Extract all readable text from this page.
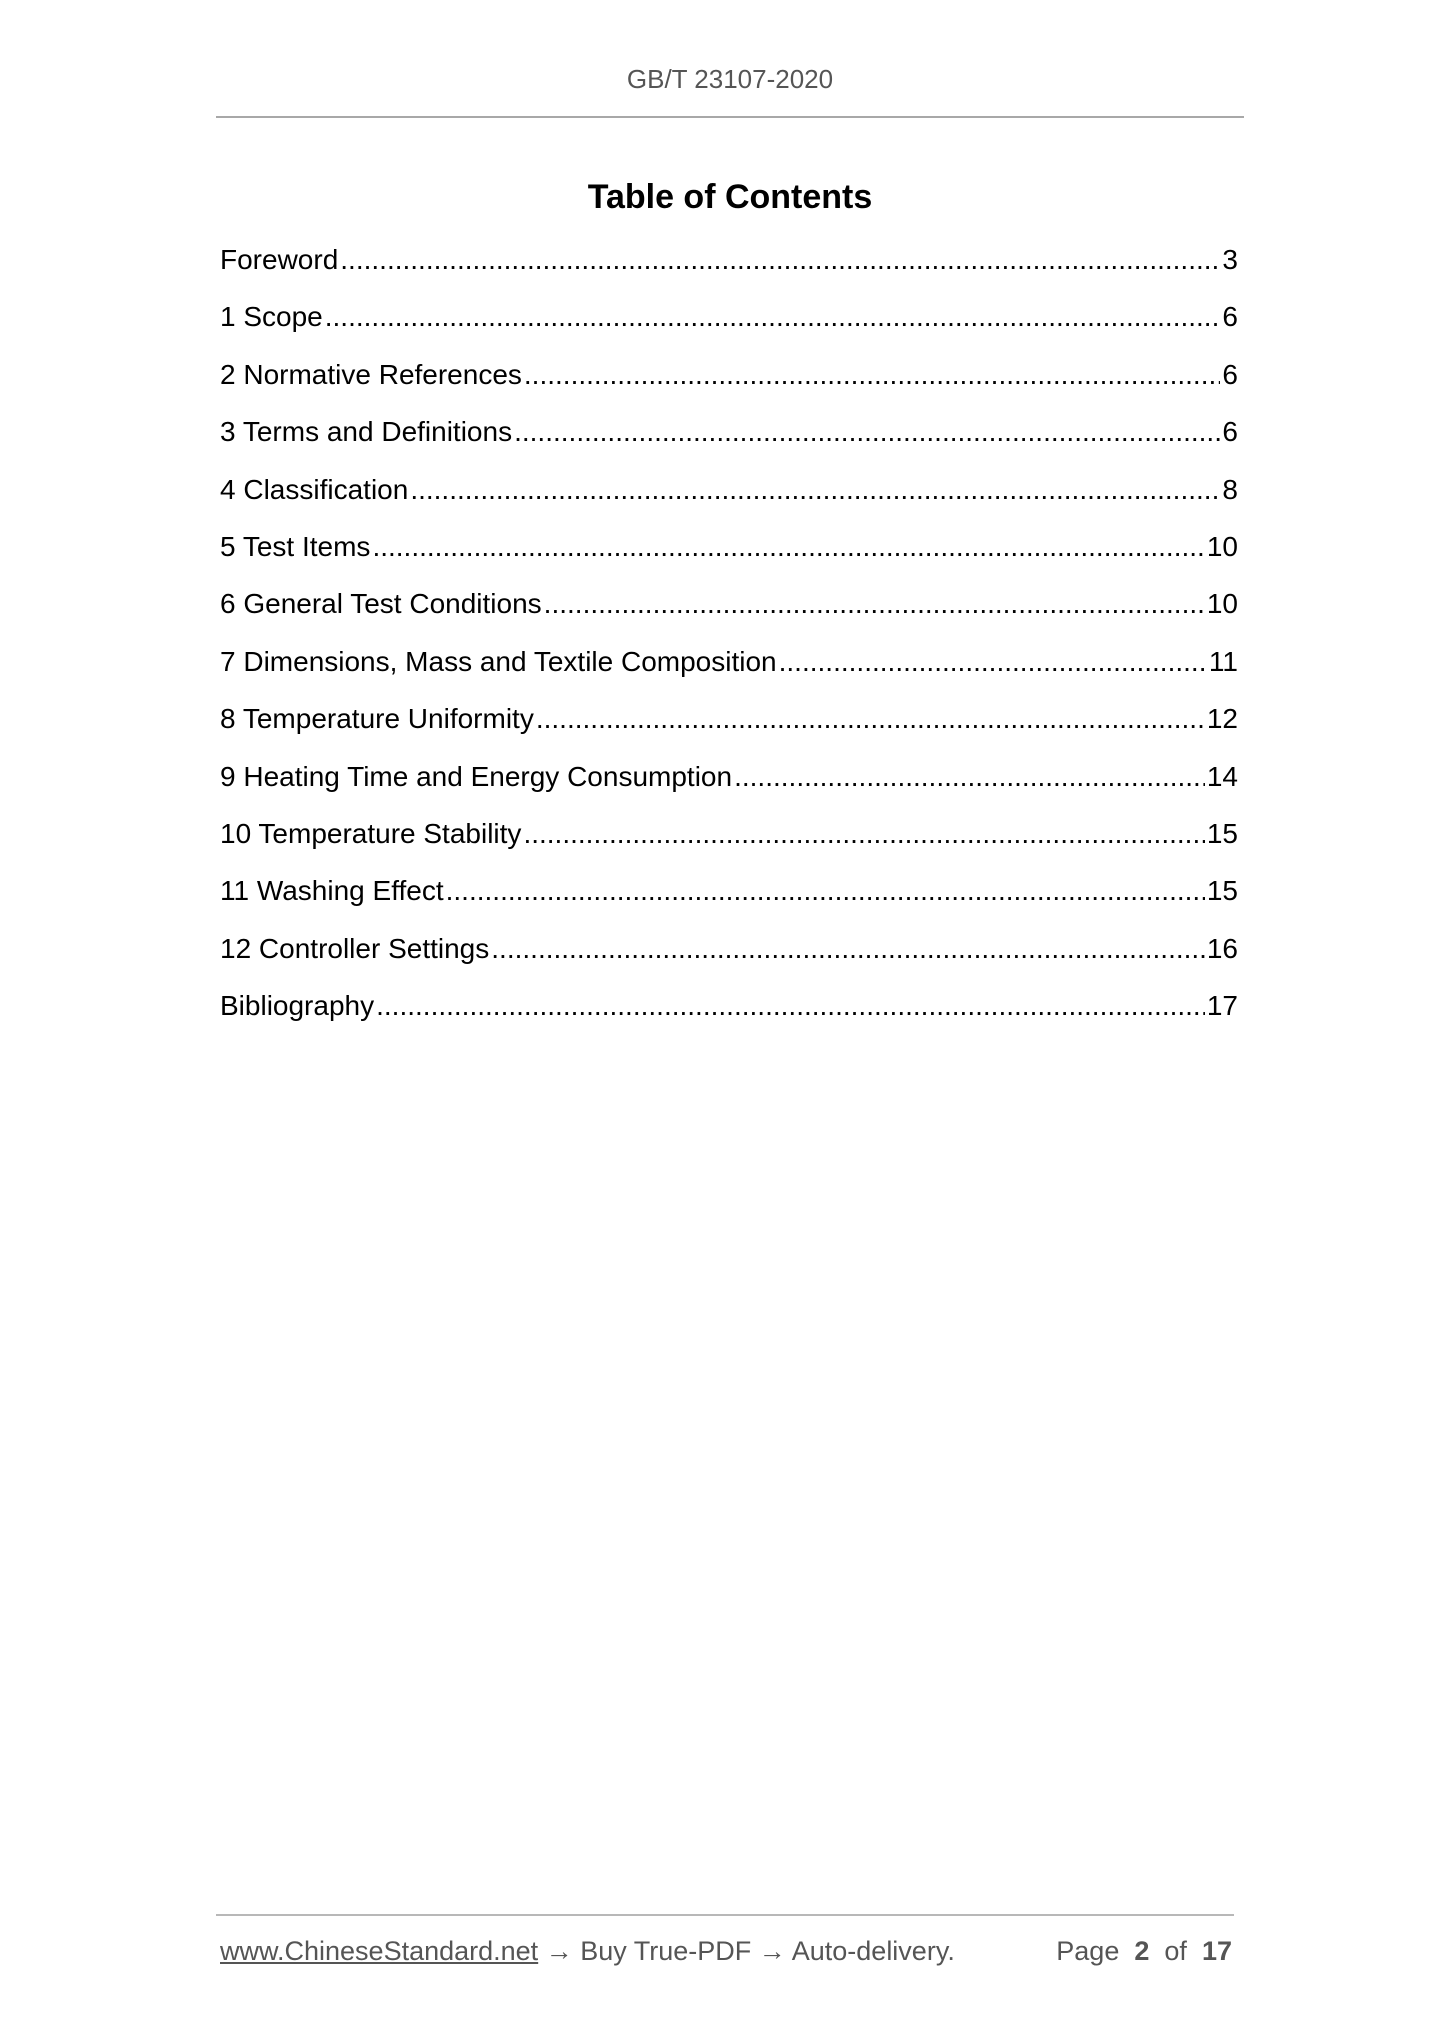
GB/T 23107-2020
Table of Contents
Foreword .....	3
1 Scope .....	6
2 Normative References .....	6
3 Terms and Definitions .....	6
4 Classification .....	8
5 Test Items .....	10
6 General Test Conditions .....	10
7 Dimensions, Mass and Textile Composition .....	11
8 Temperature Uniformity .....	12
9 Heating Time and Energy Consumption .....	14
10 Temperature Stability .....	15
11 Washing Effect .....	15
12 Controller Settings .....	16
Bibliography .....	17
www.ChineseStandard.net → Buy True-PDF → Auto-delivery.	Page 2 of 17
